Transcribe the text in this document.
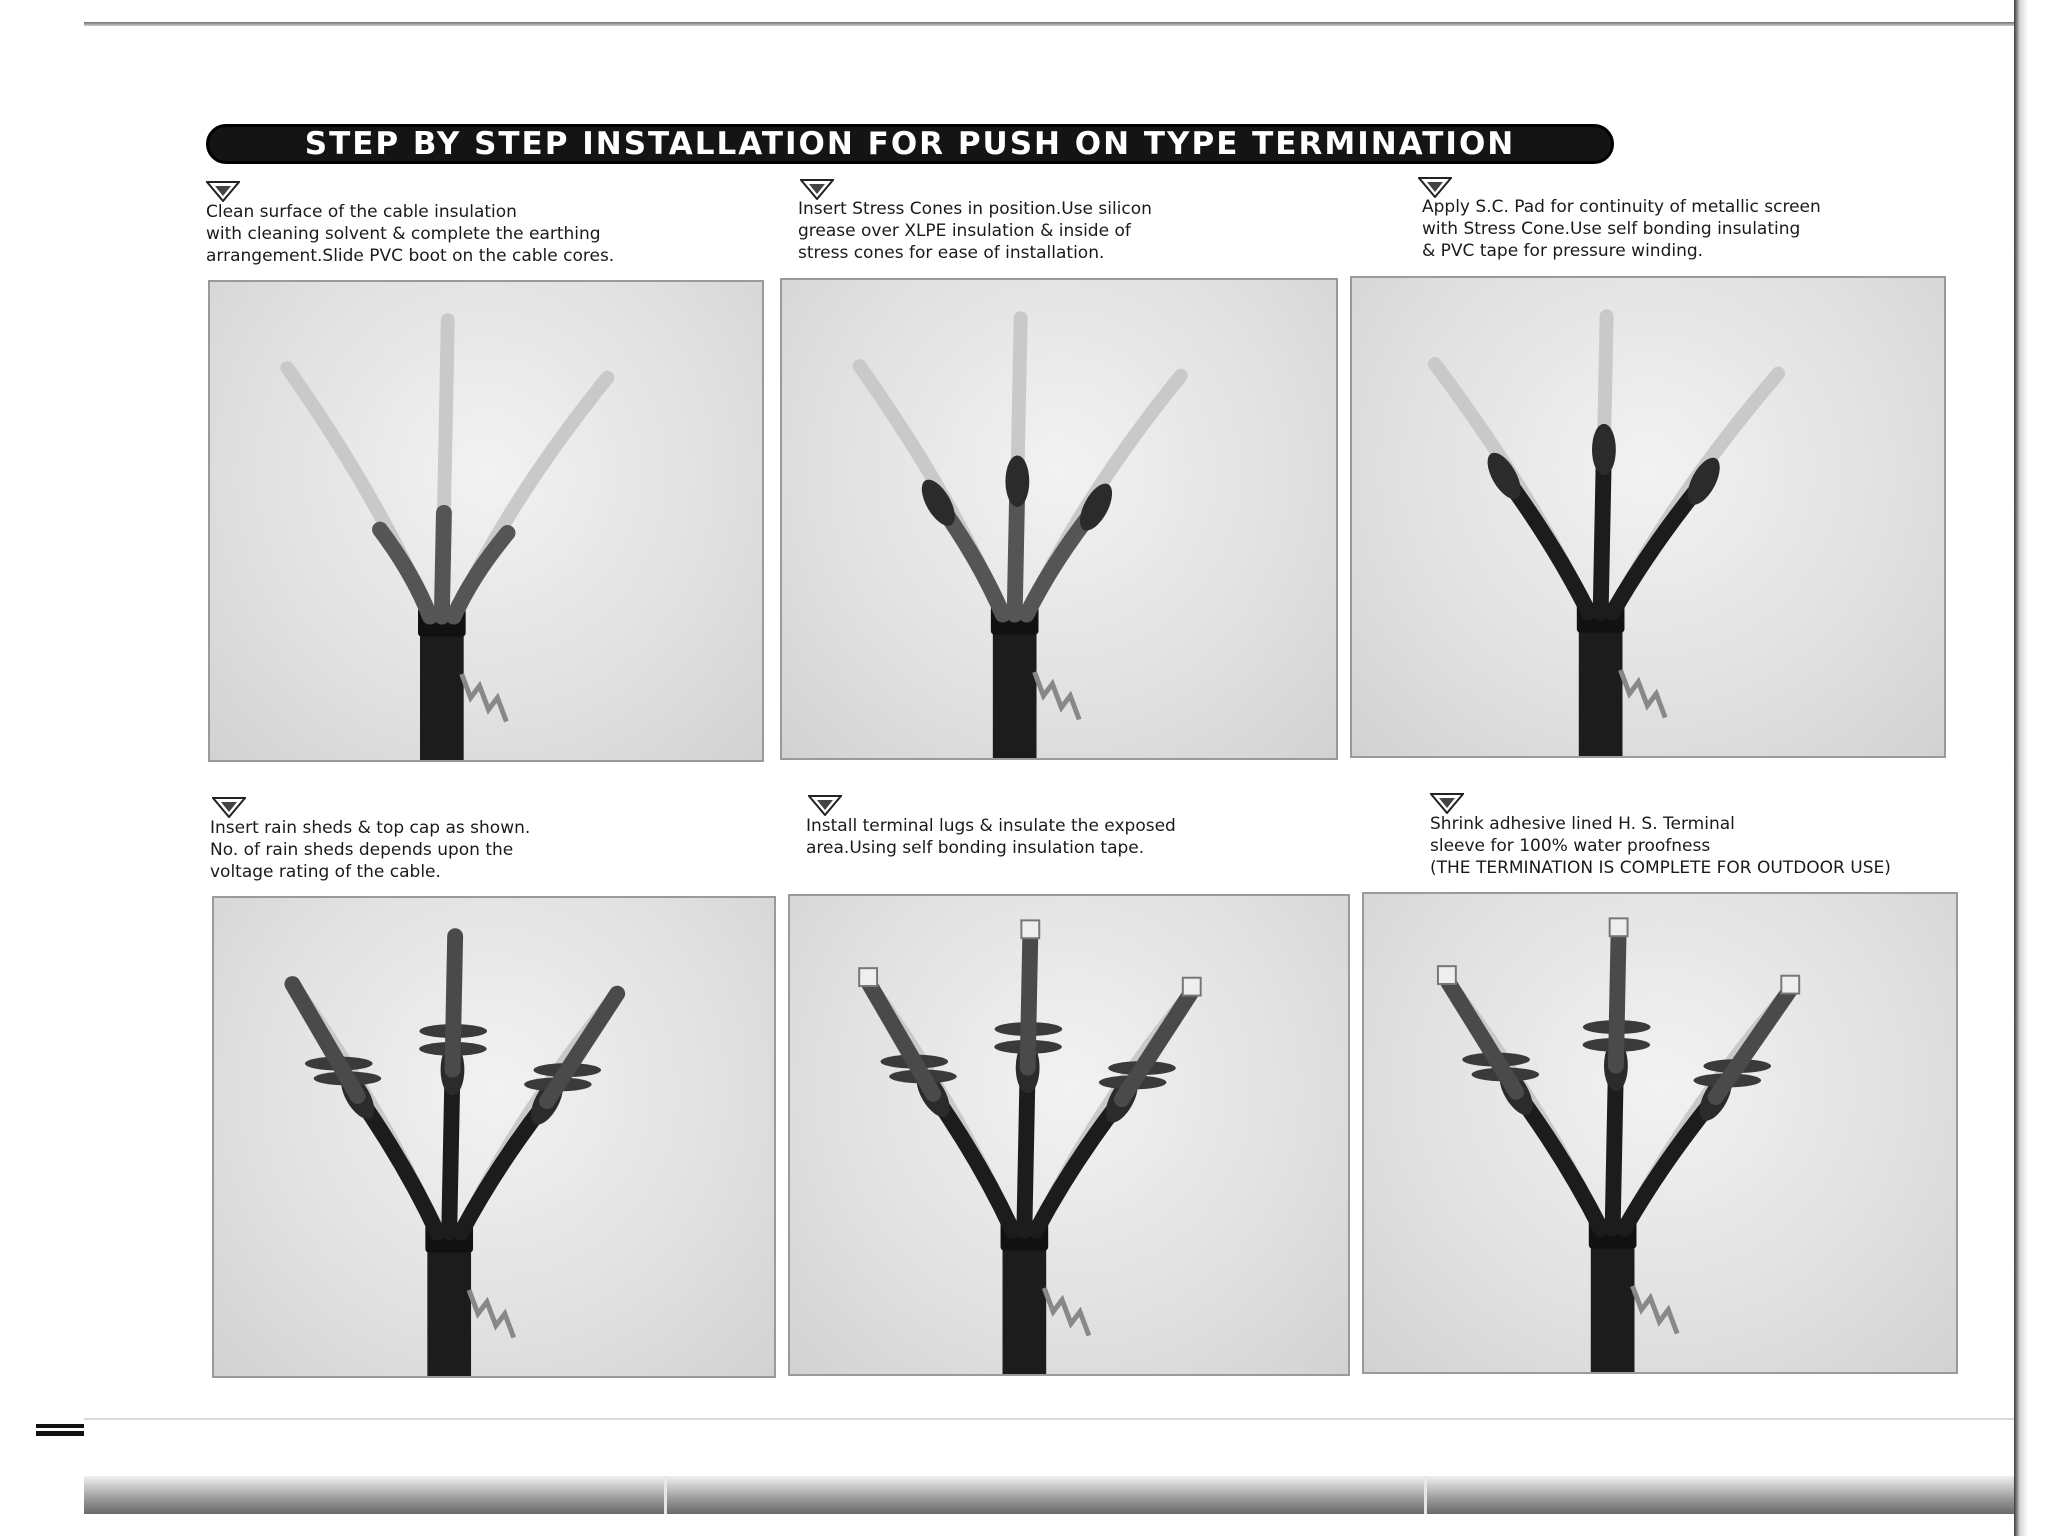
STEP BY STEP INSTALLATION FOR PUSH ON TYPE TERMINATION
Clean surface of the cable insulation
with cleaning solvent & complete the earthing
arrangement.Slide PVC boot on the cable cores.
Insert Stress Cones in position.Use silicon
grease over XLPE insulation & inside of
stress cones for ease of installation.
Apply S.C. Pad for continuity of metallic screen
with Stress Cone.Use self bonding insulating
& PVC tape for pressure winding.
Insert rain sheds & top cap as shown.
No. of rain sheds depends upon the
voltage rating of the cable.
Install terminal lugs & insulate the exposed
area.Using self bonding insulation tape.
Shrink adhesive lined H. S. Terminal
sleeve for 100% water proofness
(THE TERMINATION IS COMPLETE FOR OUTDOOR USE)
